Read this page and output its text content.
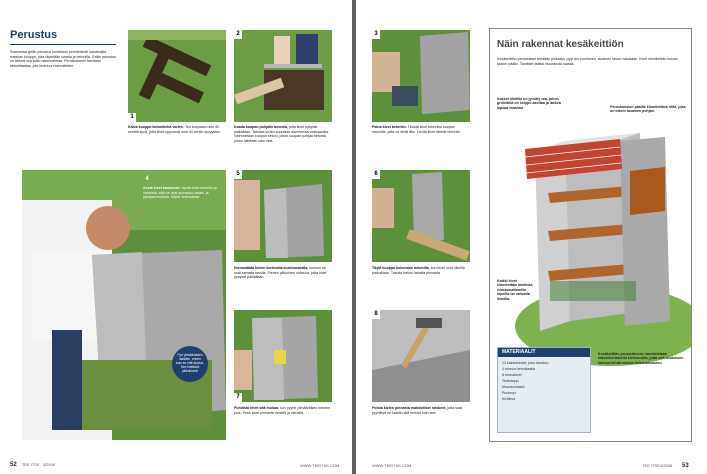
Perustus
Suomessa grillin perustus hoidetaan perinteisesti kaivamalla maahan kuoppa, joka täytetään soralla ja betonilla. Grillin perustus on tärkeä osa koko rakennelmaa. Perustukseen tarvitaan betonilaattaa, jota kivimuuri kannattelee.
1
Kaiva kuoppa betonikehä varten. Tee kuopasta noin 40 senttiä syvä, jotta kivet uppoavat noin 34 sentin syvyyteen.
2
Kaada kuopan pohjalle betonia, jotta kivet pysyvät paikallaan. Tarkista kivien suorassa asennossa vesivaa'alla. Vaiennetaan kuopan betoni, johon kuopan pohjaa betonia, johon laitetaan vain vesi.
4
Aseta kivet tasaisesti. Upota kivet betoniin ja varmista, että ne ovat suorassa vaaka- ja pystysuunnassa. Käytä vesivaakaa.
Pyri ylimääräisten laastien, ennen kuin se ehtii kuivua. Sen imettävä pikkukiveä!
5
Hienosäädä kivien korkeutta kumivasaralla, kunnes ne ovat samalla tasolla. Pienen pikkuinen vahvuus, jotta kivet pysyvät paikallaan.
7
Puhdista kivet sitä mukaa, kun pyyhit ylimääräisen betonin pois. Pese kivet pinnasta vedellä ja sienellä.
52 TEE ITSE 3/2008	WWW.TEEITSE.COM
3
Paina kivet betoniin. Tiivistä kivet tukeviksi kuopan reunoille, jotta ne eivät liiku. Levitä kivet lähelle betoniin.
6
Täytä kuoppa kokonaan betonilla, kun kivet ovat oikeilla paikoillaan. Tasoita betoni lastalla pinnasta.
8
Poista kivien pinnasta mahdolliset roiskeet, jotta saat pyyhittyä ne laastin sitä mukaa kuin teet.
Näin rakennat kesäkeittiön
Kesäkeittiön perustukset tehdään pihkasta, pyyt öin vuorineen, avoimen tason valuisaan. Kivet kiinnitetään kuivan kaivon päälle. Tarvitset lisäksi muurausta laastia.
Kaksoi olkitilla on jyrsitty ura, johon grillirittilä on helppo asettaa ja laskea lapoaa maahan.	Peruskansion pääille kiinnitettävä ritilä, joka on oikein tasaisen pohjan.
Kaikki kivet kiinnitetään toisiinsa ruostumattomilla tapeilla tai vahvalla liimalla.
Kesäkeittiön perusrakenne varmistetaan kaksinkertaisella kivireunalla, jotta voit istutuksen kanssa tehdä valmiin kokonaisuuden.
MATERIAALIT
13 kaksoiskiviä, joka tasottuu
4 tukeva betonilaatta
8 reunakivet
Terästappi
Muurauslaasti
Puulevyt
Kiviliima
WWW.TEEITSE.COM	TEE ITSE 3/2008 53
